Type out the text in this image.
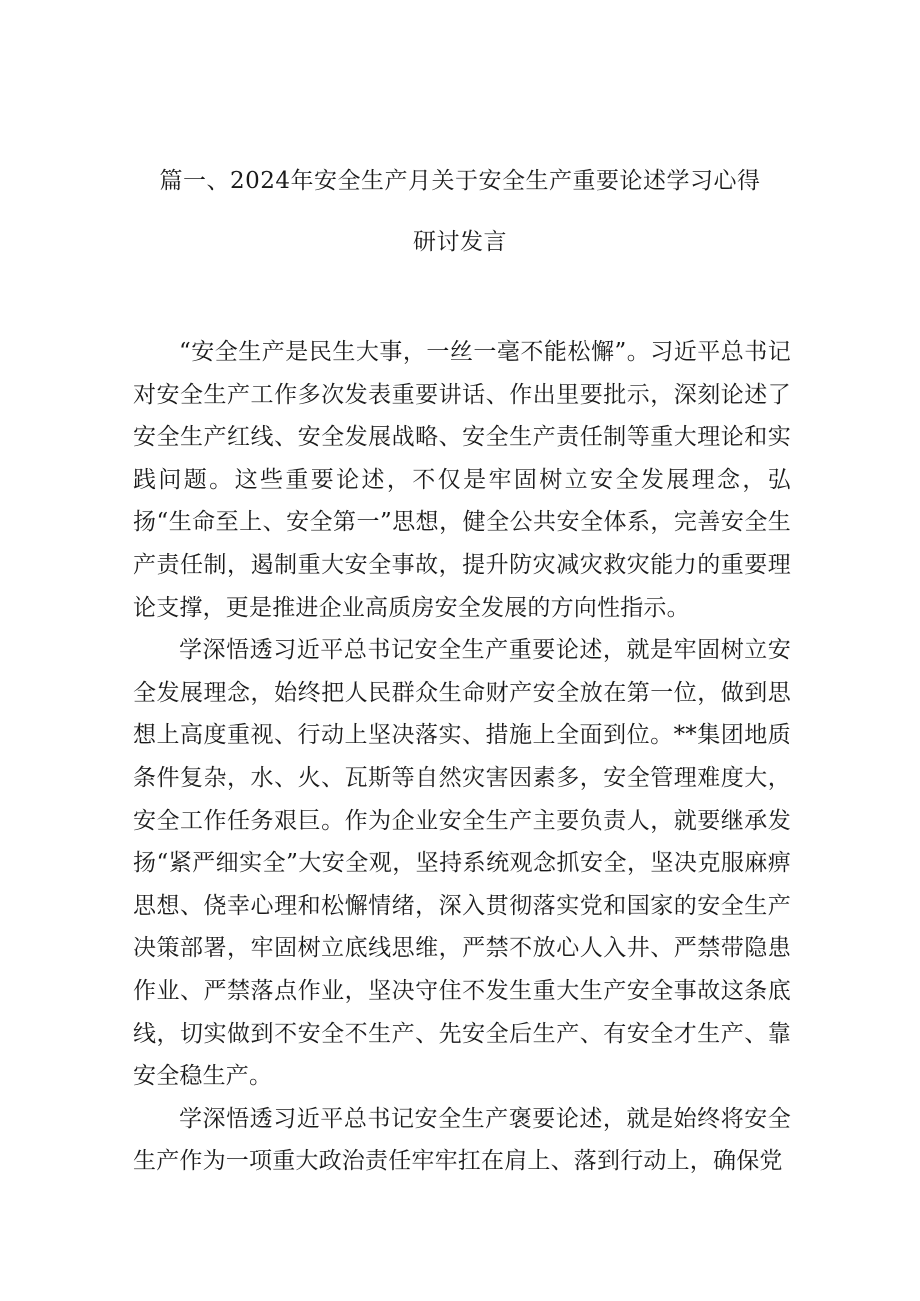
篇一、2024年安全生产月关于安全生产重要论述学习心得
研讨发言

“安全生产是民生大事，一丝一毫不能松懈”。习近平总书记对安全生产工作多次发表重要讲话、作出里要批示，深刻论述了安全生产红线、安全发展战略、安全生产责任制等重大理论和实践问题。这些重要论述，不仅是牢固树立安全发展理念，弘扬“生命至上、安全第一”思想，健全公共安全体系，完善安全生产责任制，遏制重大安全事故，提升防灾减灾救灾能力的重要理论支撑，更是推进企业高质房安全发展的方向性指示。

学深悟透习近平总书记安全生产重要论述，就是牢固树立安全发展理念，始终把人民群众生命财产安全放在第一位，做到思想上高度重视、行动上坚决落实、措施上全面到位。**集团地质条件复杂，水、火、瓦斯等自然灾害因素多，安全管理难度大，安全工作任务艰巨。作为企业安全生产主要负责人，就要继承发扬“紧严细实全”大安全观，坚持系统观念抓安全，坚决克服麻痹思想、侥幸心理和松懈情绪，深入贯彻落实党和国家的安全生产决策部署，牢固树立底线思维，严禁不放心人入井、严禁带隐患作业、严禁落点作业，坚决守住不发生重大生产安全事故这条底线，切实做到不安全不生产、先安全后生产、有安全才生产、靠安全稳生产。

学深悟透习近平总书记安全生产褒要论述，就是始终将安全生产作为一项重大政治责任牢牢扛在肩上、落到行动上，确保党
